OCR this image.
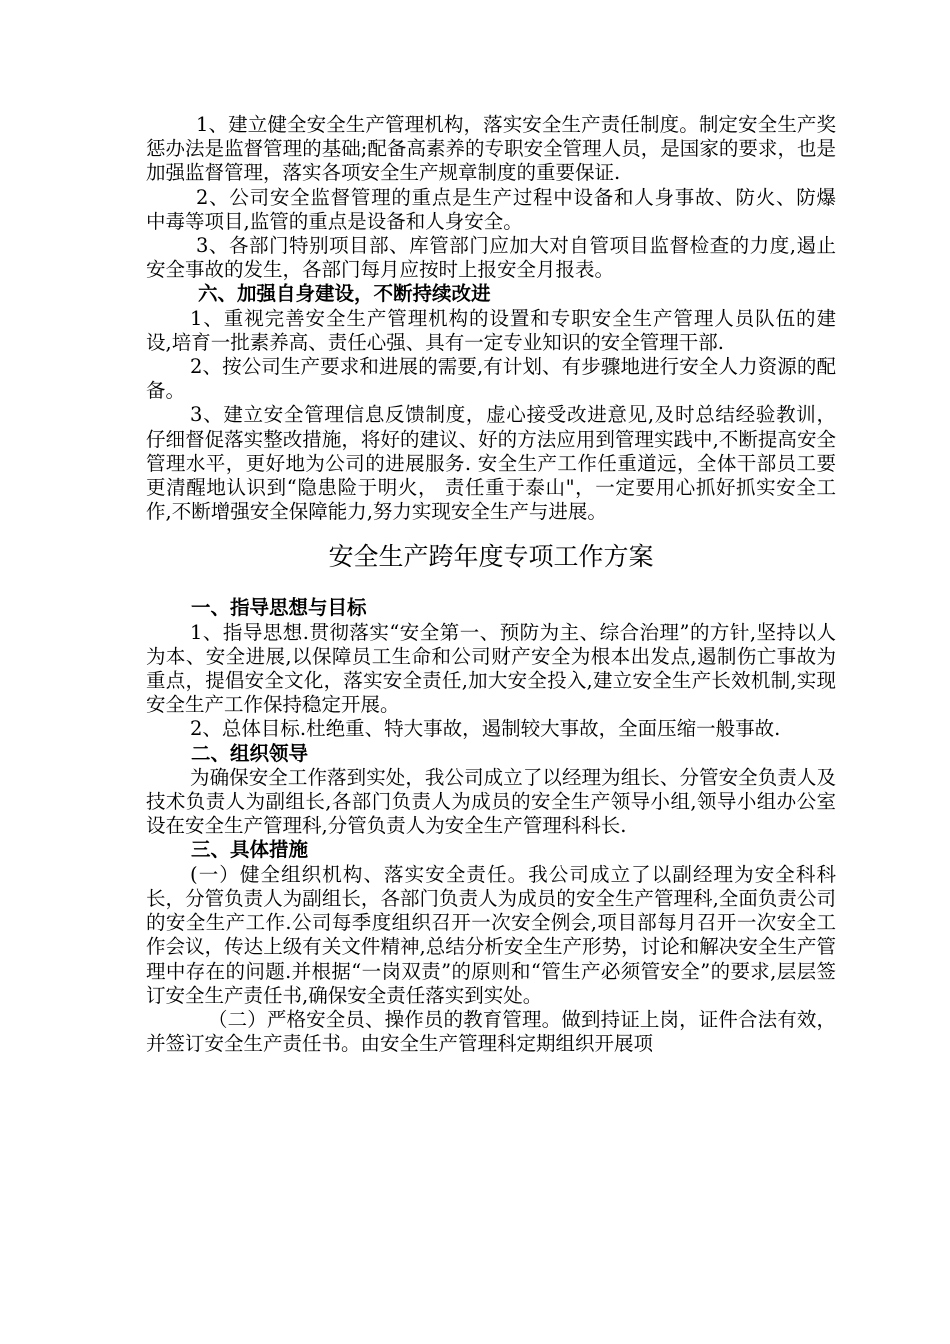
1、建立健全安全生产管理机构，落实安全生产责任制度。制定安全生产奖 惩办法是监督管理的基础;配备高素养的专职安全管理人员，是国家的要求，也是加强监督管理，落实各项安全生产规章制度的重要保证.

2、公司安全监督管理的重点是生产过程中设备和人身事故、防火、防爆 中毒等项目,监管的重点是设备和人身安全。

3、各部门特别项目部、库管部门应加大对自管项目监督检查的力度,遏止安全事故的发生，各部门每月应按时上报安全月报表。

六、加强自身建设，不断持续改进

1、重视完善安全生产管理机构的设置和专职安全生产管理人员队伍的建 设,培育一批素养高、责任心强、具有一定专业知识的安全管理干部.

2、按公司生产要求和进展的需要,有计划、有步骤地进行安全人力资源的配备。

3、建立安全管理信息反馈制度，虚心接受改进意见,及时总结经验教训， 仔细督促落实整改措施，将好的建议、好的方法应用到管理实践中,不断提高安全管理水平，更好地为公司的进展服务. 安全生产工作任重道远，全体干部员工要更清醒地认识到“隐患险于明火， 责任重于泰山"，一定要用心抓好抓实安全工作,不断增强安全保障能力,努力实现安全生产与进展。

安全生产跨年度专项工作方案
一、指导思想与目标

1、指导思想.贯彻落实“安全第一、预防为主、综合治理”的方针,坚持以人为本、安全进展,以保障员工生命和公司财产安全为根本出发点,遏制伤亡事故为重点，提倡安全文化，落实安全责任,加大安全投入,建立安全生产长效机制,实现安全生产工作保持稳定开展。

2、总体目标.杜绝重、特大事故，遏制较大事故，全面压缩一般事故.

二、组织领导

为确保安全工作落到实处，我公司成立了以经理为组长、分管安全负责人及技术负责人为副组长,各部门负责人为成员的安全生产领导小组,领导小组办公室设在安全生产管理科,分管负责人为安全生产管理科科长.

三、具体措施

(一）健全组织机构、落实安全责任。我公司成立了以副经理为安全科科长，分管负责人为副组长，各部门负责人为成员的安全生产管理科,全面负责公司的安全生产工作.公司每季度组织召开一次安全例会,项目部每月召开一次安全工作会议，传达上级有关文件精神,总结分析安全生产形势，讨论和解决安全生产管理中存在的问题.并根据“一岗双责”的原则和“管生产必须管安全”的要求,层层签订安全生产责任书,确保安全责任落实到实处。

（二）严格安全员、操作员的教育管理。做到持证上岗，证件合法有效，并签订安全生产责任书。由安全生产管理科定期组织开展项
